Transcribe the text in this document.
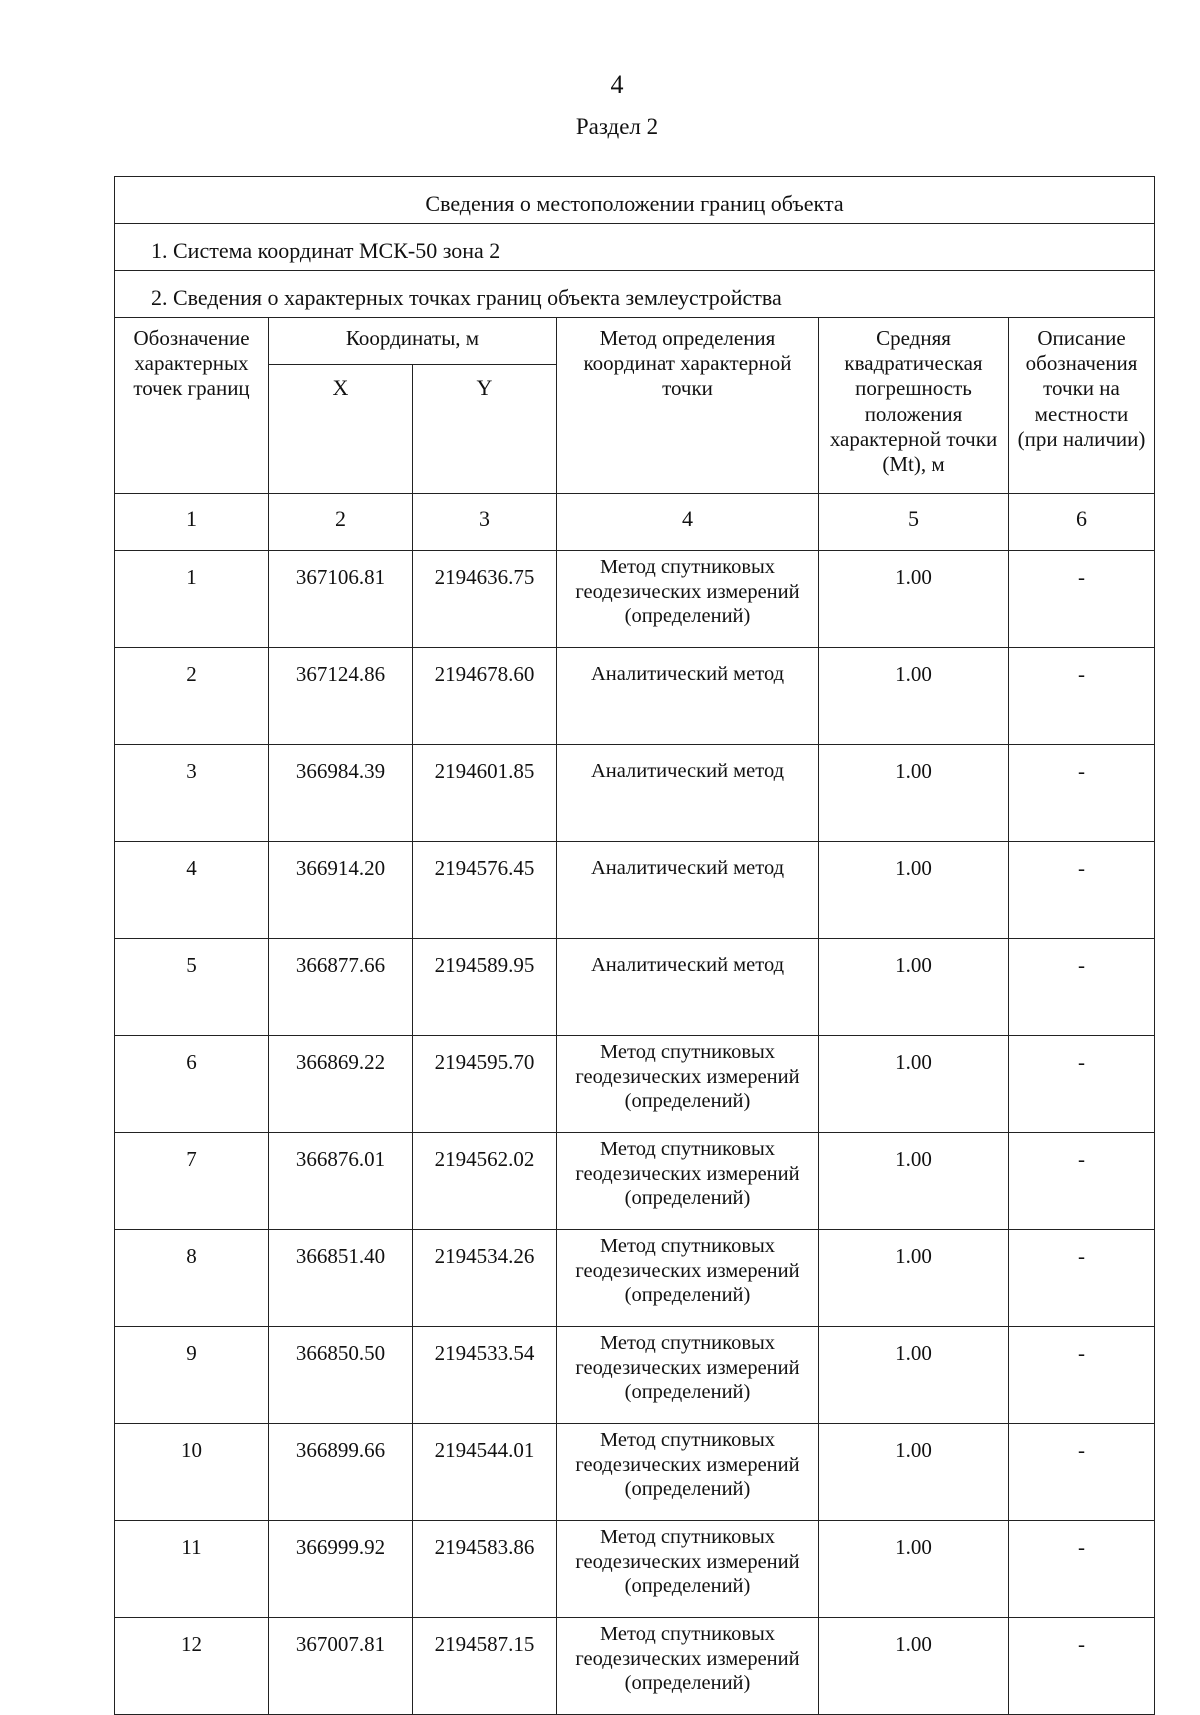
4
Раздел 2
Сведения о местоположении границ объекта					
1. Система координат МСК-50 зона 2					
2. Сведения о характерных точках границ объекта землеустройства					
Обозначение характерных точек границ	Координаты, м		Метод определения координат характерной точки	Средняя квадратическая погрешность положения характерной точки (Mt), м	Описание обозначения точки на местности (при наличии)
	X	Y			
1	2	3	4	5	6
1	367106.81	2194636.75	Метод спутниковых геодезических измерений (определений)	1.00	-
2	367124.86	2194678.60	Аналитический метод	1.00	-
3	366984.39	2194601.85	Аналитический метод	1.00	-
4	366914.20	2194576.45	Аналитический метод	1.00	-
5	366877.66	2194589.95	Аналитический метод	1.00	-
6	366869.22	2194595.70	Метод спутниковых геодезических измерений (определений)	1.00	-
7	366876.01	2194562.02	Метод спутниковых геодезических измерений (определений)	1.00	-
8	366851.40	2194534.26	Метод спутниковых геодезических измерений (определений)	1.00	-
9	366850.50	2194533.54	Метод спутниковых геодезических измерений (определений)	1.00	-
10	366899.66	2194544.01	Метод спутниковых геодезических измерений (определений)	1.00	-
11	366999.92	2194583.86	Метод спутниковых геодезических измерений (определений)	1.00	-
12	367007.81	2194587.15	Метод спутниковых геодезических измерений (определений)	1.00	-
